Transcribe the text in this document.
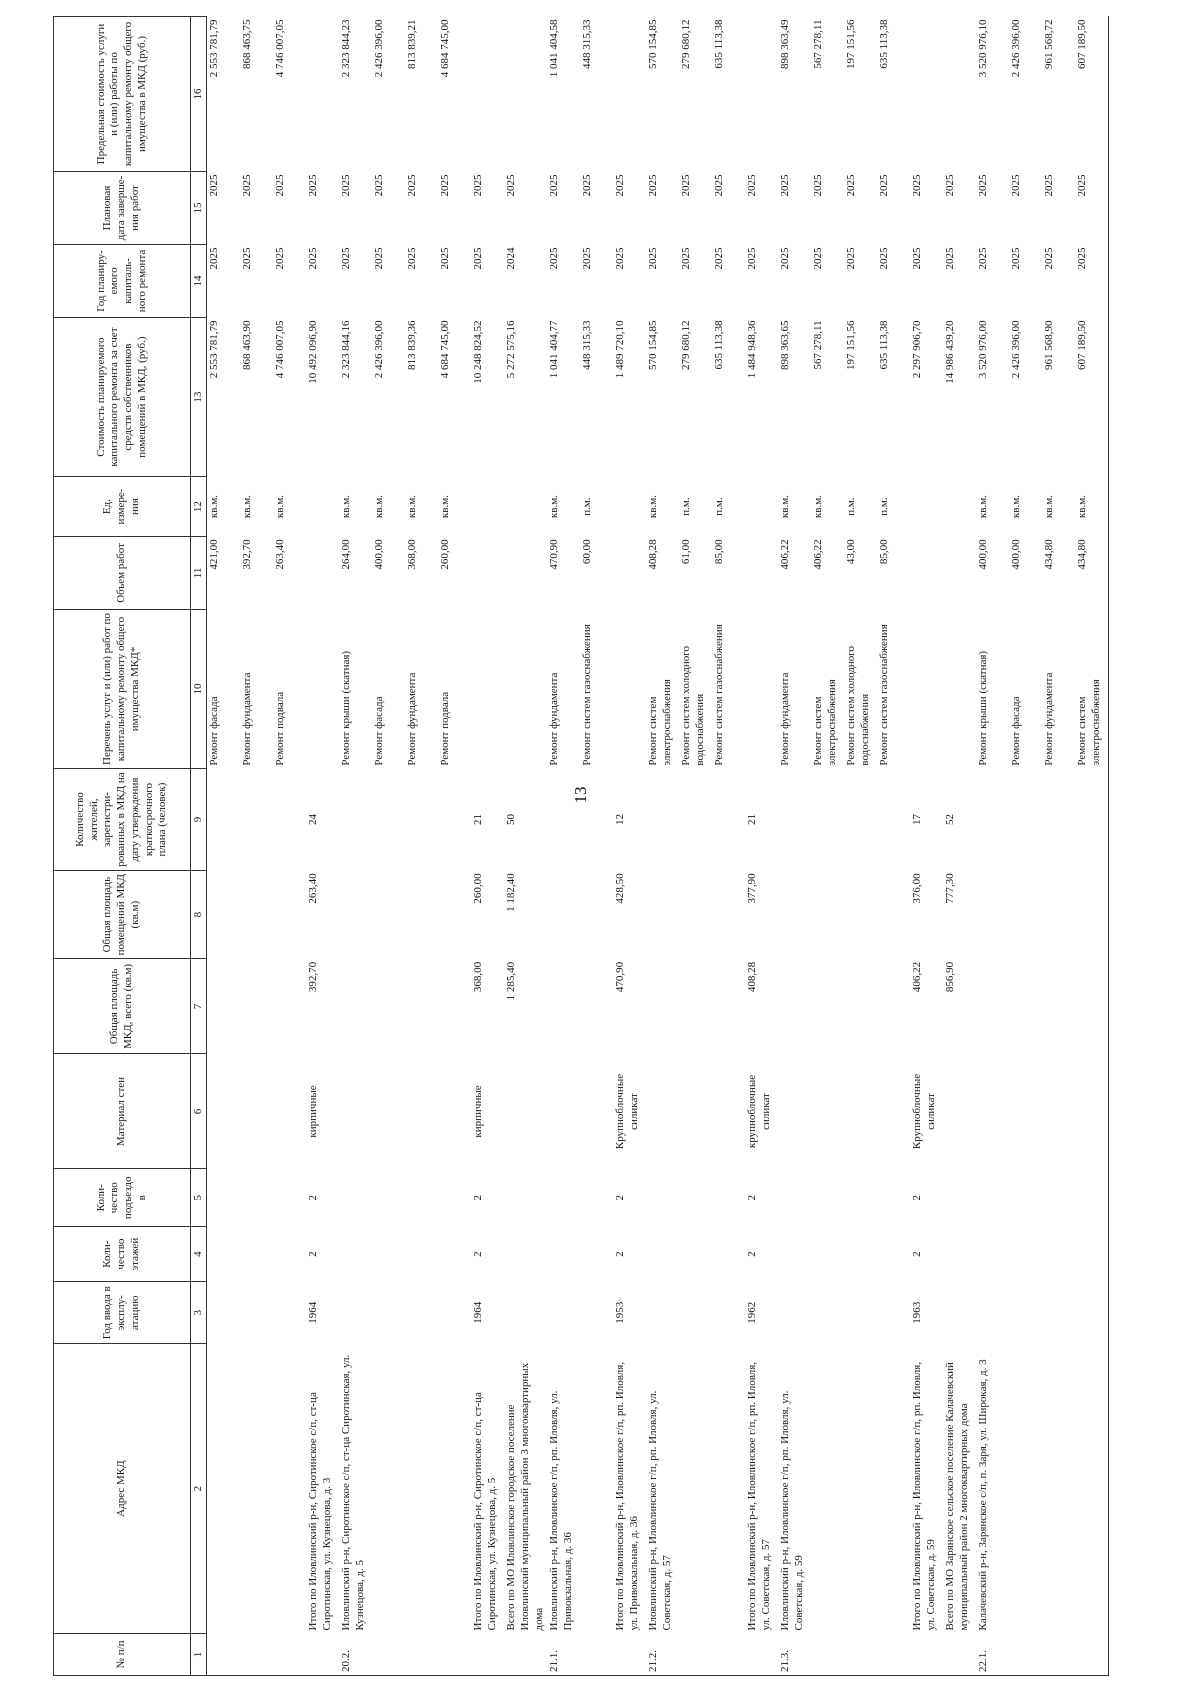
13
№ п/п	Адрес МКД	Год ввода в эксплу-атацию	Коли-чество этажей	Коли-чество подъездо в	Материал стен	Общая площадь МКД, всего (кв.м)	Общая площадь помещений МКД (кв.м)	Количество жителей, зарегистри-рованных в МКД на дату утверждения краткосрочного плана (человек)	Перечень услуг и (или) работ по капитальному ремонту общего имущества МКД*	Объем работ	Ед. измере-ния	Стоимость планируемого капитального ремонта за счет средств собственников помещений в МКД, (руб.)	Год планиру-емого капиталь-ного ремонта	Плановая дата заверше-ния работ	Предельная стоимость услуги и (или) работы по капитальному ремонту общего имущества в МКД (руб.)
1	2	3	4	5	6	7	8	9	10	11	12	13	14	15	16
									Ремонт фасада	421,00	кв.м.	2 553 781,79	2025	2025	2 553 781,79
									Ремонт фундамента	392,70	кв.м.	868 463,90	2025	2025	868 463,75
									Ремонт подвала	263,40	кв.м.	4 746 007,05	2025	2025	4 746 007,05
	Итого по Иловлинский р-н, Сиротинское с/п, ст-ца Сиротинская, ул. Кузнецова, д. 3	1964	2	2	кирпичные	392,70	263,40	24				10 492 096,90	2025	2025	
20.2.	Иловлинский р-н, Сиротинское с/п, ст-ца Сиротинская, ул. Кузнецова, д. 5								Ремонт крыши (скатная)	264,00	кв.м.	2 323 844,16	2025	2025	2 323 844,23
									Ремонт фасада	400,00	кв.м.	2 426 396,00	2025	2025	2 426 396,00
									Ремонт фундамента	368,00	кв.м.	813 839,36	2025	2025	813 839,21
									Ремонт подвала	260,00	кв.м.	4 684 745,00	2025	2025	4 684 745,00
	Итого по Иловлинский р-н, Сиротинское с/п, ст-ца Сиротинская, ул. Кузнецова, д. 5	1964	2	2	кирпичные	368,00	260,00	21				10 248 824,52	2025	2025	
	Всего по МО Иловлинское городское поселение Иловлинский муниципальный район 3 многоквартирных дома					1 285,40	1 182,40	50				5 272 575,16	2024	2025	
21.1.	Иловлинский р-н, Иловлинское г/п, рп. Иловля, ул. Привокзальная, д. 36								Ремонт фундамента	470,90	кв.м.	1 041 404,77	2025	2025	1 041 404,58
									Ремонт систем газоснабжения	60,00	п.м.	448 315,33	2025	2025	448 315,33
	Итого по Иловлинский р-н, Иловлинское г/п, рп. Иловля, ул. Привокзальная, д. 36	1953	2	2	Крупноблочные силикат	470,90	428,50	12				1 489 720,10	2025	2025	
21.2.	Иловлинский р-н, Иловлинское г/п, рп. Иловля, ул. Советская, д. 57								Ремонт систем электроснабжения	408,28	кв.м.	570 154,85	2025	2025	570 154,85
									Ремонт систем холодного водоснабжения	61,00	п.м.	279 680,12	2025	2025	279 680,12
									Ремонт систем газоснабжения	85,00	п.м.	635 113,38	2025	2025	635 113,38
	Итого по Иловлинский р-н, Иловлинское г/п, рп. Иловля, ул. Советская, д. 57	1962	2	2	крупноблочные силикат	408,28	377,90	21				1 484 948,36	2025	2025	
21.3.	Иловлинский р-н, Иловлинское г/п, рп. Иловля, ул. Советская, д. 59								Ремонт фундамента	406,22	кв.м.	898 363,65	2025	2025	898 363,49
									Ремонт систем электроснабжения	406,22	кв.м.	567 278,11	2025	2025	567 278,11
									Ремонт систем холодного водоснабжения	43,00	п.м.	197 151,56	2025	2025	197 151,56
									Ремонт систем газоснабжения	85,00	п.м.	635 113,38	2025	2025	635 113,38
	Итого по Иловлинский р-н, Иловлинское г/п, рп. Иловля, ул. Советская, д. 59	1963	2	2	Крупноблочные силикат	406,22	376,00	17				2 297 906,70	2025	2025	
	Всего по МО Зарянское сельское поселение Калачевский муниципальный район 2 многоквартирных дома					856,90	777,30	52				14 986 439,20	2025	2025	
22.1.	Калачевский р-н, Зарянское с/п, п. Заря, ул. Широкая, д. 3								Ремонт крыши (скатная)	400,00	кв.м.	3 520 976,00	2025	2025	3 520 976,10
									Ремонт фасада	400,00	кв.м.	2 426 396,00	2025	2025	2 426 396,00
									Ремонт фундамента	434,80	кв.м.	961 568,90	2025	2025	961 568,72
									Ремонт систем электроснабжения	434,80	кв.м.	607 189,50	2025	2025	607 189,50
